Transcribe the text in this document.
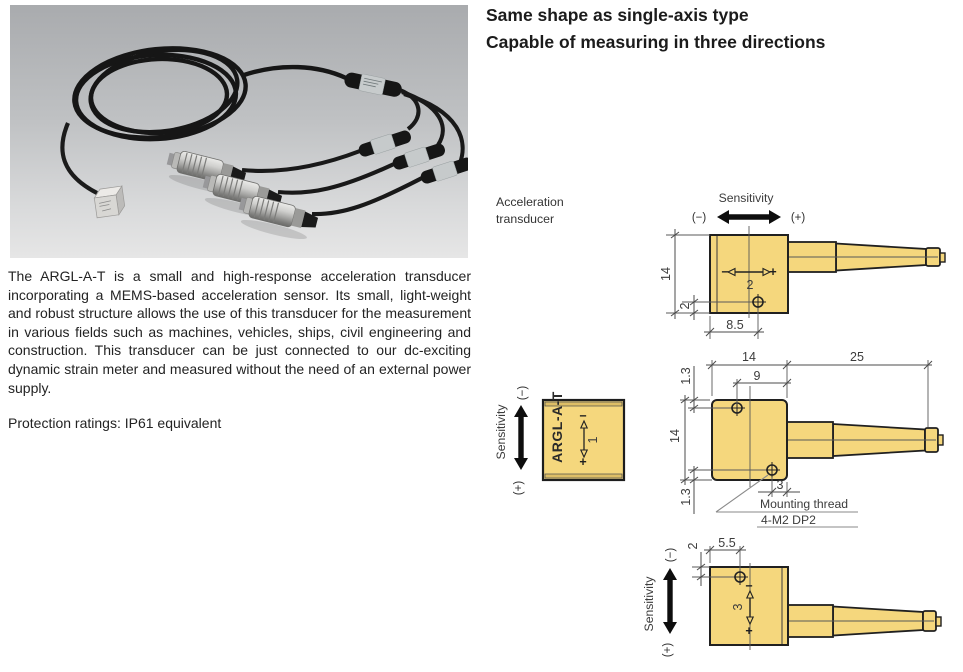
The ARGL-A-T is a small and high-response acceleration transducer incorporating a MEMS-based acceleration sensor. Its small, light-weight and robust structure allows the use of this transducer for the measurement in various fields such as machines, vehicles, ships, civil engineering and construction. This transducer can be just connected to our dc-exciting dynamic strain meter and measured without the need of an external power supply.

Protection ratings: IP61 equivalent

Same shape as single-axis type
Capable of measuring in three directions
Acceleration
transducer
Sensitivity
(−)	(+)
−	+
2
14
2
8.5
Sensitivity
(−)
(+)
ARGL-A-T −
+
1
14	25
9
1.3
14
1.3
3
Mounting thread
4-M2 DP2
Sensitivity
(−)
(+)
−
+
3
5.5
2
